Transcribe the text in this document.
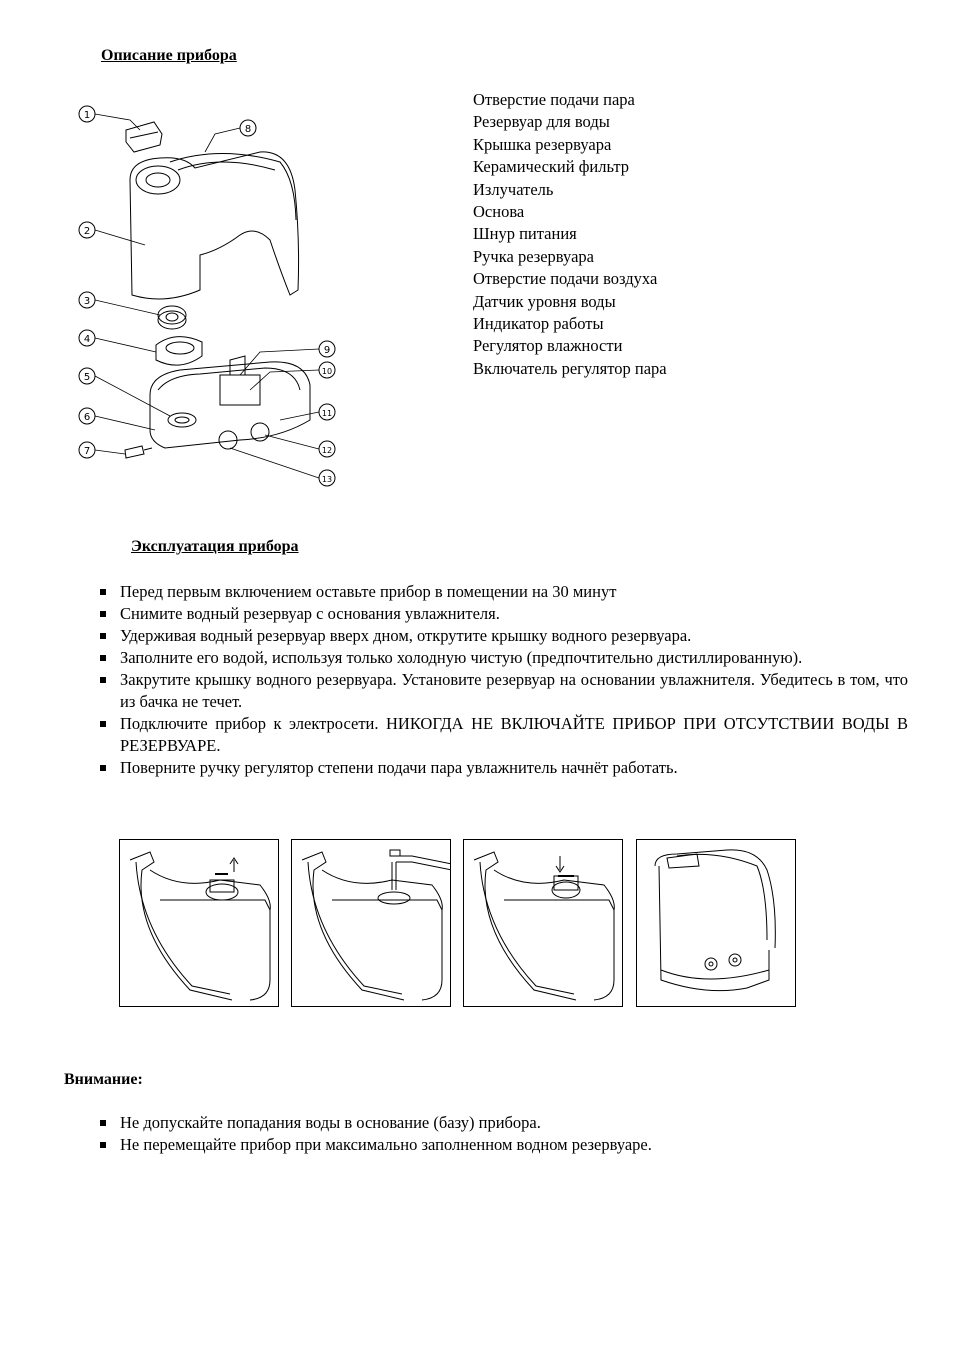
Описание прибора
1
8
2
3
4
9
10
5
11
6
12
7
13
Отверстие подачи пара
Резервуар для воды
Крышка резервуара
Керамический фильтр
Излучатель
Основа
Шнур питания
Ручка резервуара
Отверстие подачи воздуха
Датчик уровня воды
Индикатор работы
Регулятор влажности
Включатель регулятор пара
Эксплуатация прибора
Перед первым включением оставьте прибор в помещении на 30 минут
Снимите водный резервуар с основания увлажнителя.
Удерживая водный резервуар вверх дном, открутите крышку водного резервуара.
Заполните его водой, используя только холодную чистую (предпочтительно дистиллированную).
Закрутите крышку водного резервуара. Установите резервуар на основании увлажнителя. Убедитесь в том, что из бачка не течет.
Подключите прибор к электросети. НИКОГДА НЕ ВКЛЮЧАЙТЕ ПРИБОР ПРИ ОТСУТСТВИИ ВОДЫ В РЕЗЕРВУАРЕ.
Поверните ручку регулятор степени подачи пара увлажнитель начнёт работать.
Внимание:
Не допускайте попадания воды в основание (базу) прибора.
Не перемещайте прибор при максимально заполненном водном резервуаре.
